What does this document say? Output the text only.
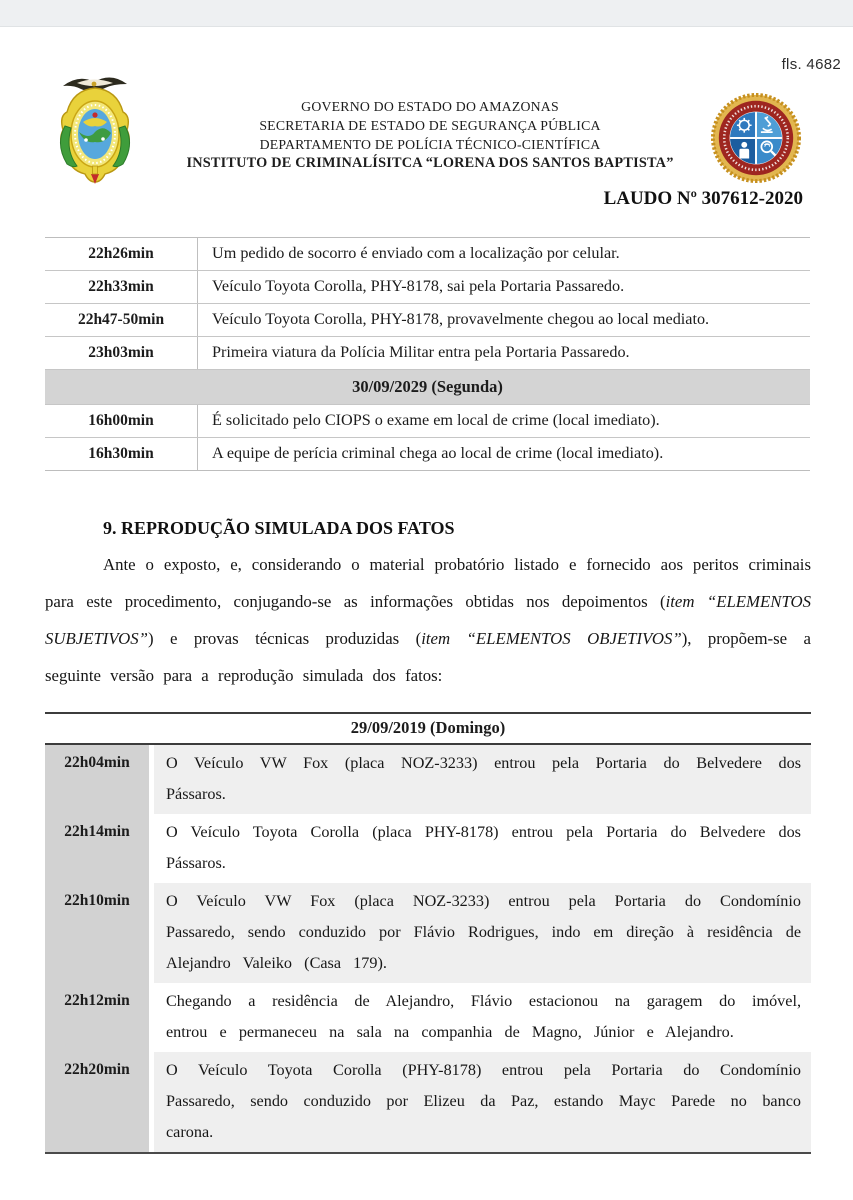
fls. 4682
GOVERNO DO ESTADO DO AMAZONAS
SECRETARIA DE ESTADO DE SEGURANÇA PÚBLICA
DEPARTAMENTO DE POLÍCIA TÉCNICO-CIENTÍFICA
INSTITUTO DE CRIMINALÍSITCA “LORENA DOS SANTOS BAPTISTA”
LAUDO Nº 307612-2020
22h26min	Um pedido de socorro é enviado com a localização por celular.
22h33min	Veículo Toyota Corolla, PHY-8178, sai pela Portaria Passaredo.
22h47-50min	Veículo Toyota Corolla, PHY-8178, provavelmente chegou ao local mediato.
23h03min	Primeira viatura da Polícia Militar entra pela Portaria Passaredo.
30/09/2029 (Segunda)
16h00min	É solicitado pelo CIOPS o exame em local de crime (local imediato).
16h30min	A equipe de perícia criminal chega ao local de crime (local imediato).
9. REPRODUÇÃO SIMULADA DOS FATOS

Ante o exposto, e, considerando o material probatório listado e fornecido aos peritos criminais para este procedimento, conjugando-se as informações obtidas nos depoimentos (item “ELEMENTOS SUBJETIVOS”) e provas técnicas produzidas (item “ELEMENTOS OBJETIVOS”), propõem-se a seguinte versão para a reprodução simulada dos fatos:

29/09/2019 (Domingo)
22h04min	O Veículo VW Fox (placa NOZ-3233) entrou pela Portaria do Belvedere dos Pássaros.
22h14min	O Veículo Toyota Corolla (placa PHY-8178) entrou pela Portaria do Belvedere dos Pássaros.
22h10min	O Veículo VW Fox (placa NOZ-3233) entrou pela Portaria do Condomínio Passaredo, sendo conduzido por Flávio Rodrigues, indo em direção à residência de Alejandro Valeiko (Casa 179).
22h12min	Chegando a residência de Alejandro, Flávio estacionou na garagem do imóvel, entrou e permaneceu na sala na companhia de Magno, Júnior e Alejandro.
22h20min	O Veículo Toyota Corolla (PHY-8178) entrou pela Portaria do Condomínio Passaredo, sendo conduzido por Elizeu da Paz, estando Mayc Parede no banco carona.
